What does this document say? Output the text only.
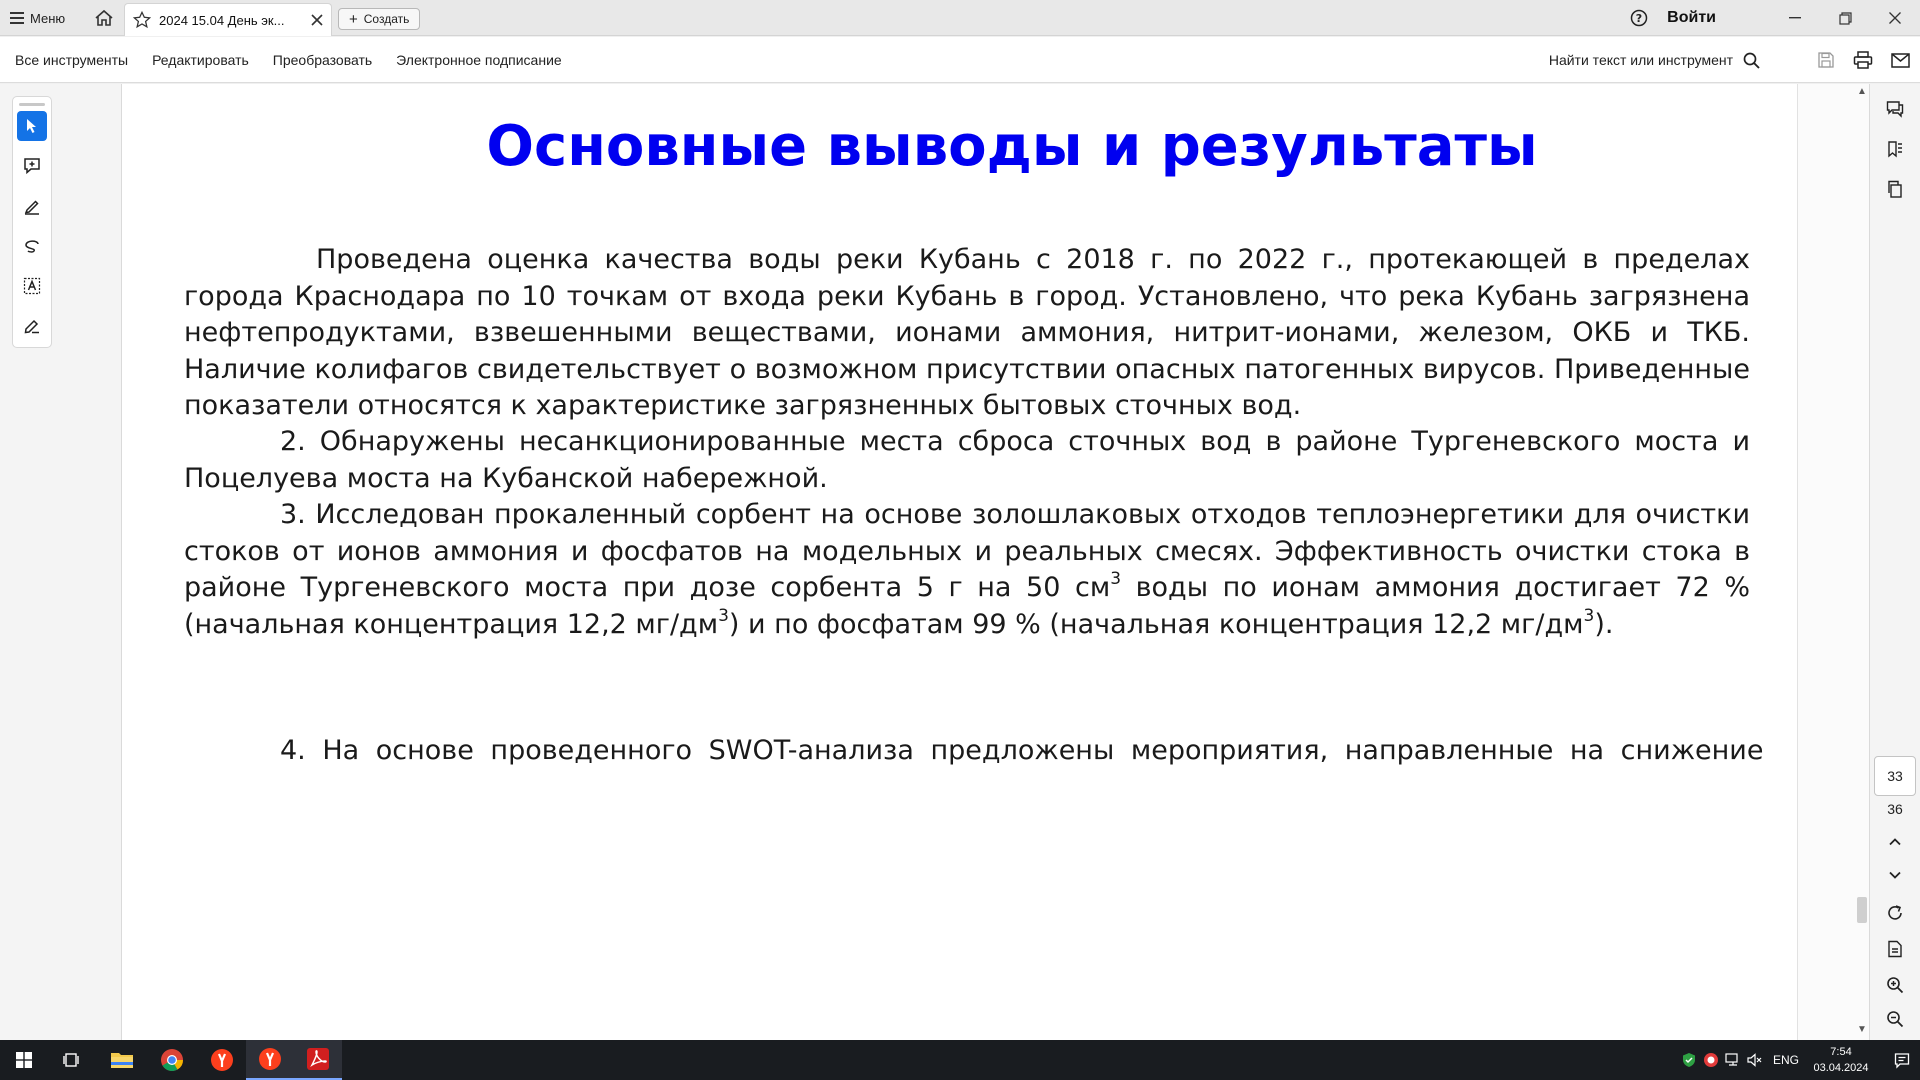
Меню	2024 15.04 День эк...	+ Создать	? Войти
Все инструменты Редактировать Преобразовать Электронное подписание	Найти текст или инструмент
Основные выводы и результаты

Проведена оценка качества воды реки Кубань с 2018 г. по 2022 г., протекающей в пределах города Краснодара по 10 точкам от входа реки Кубань в город. Установлено, что река Кубань загрязнена нефтепродуктами, взвешенными веществами, ионами аммония, нитрит-ионами, железом, ОКБ и ТКБ. Наличие колифагов свидетельствует о возможном присутствии опасных патогенных вирусов. Приведенные показатели относятся к характеристике загрязненных бытовых сточных вод.

2. Обнаружены несанкционированные места сброса сточных вод в районе Тургеневского моста и Поцелуева моста на Кубанской набережной.

3. Исследован прокаленный сорбент на основе золошлаковых отходов теплоэнергетики для очистки стоков от ионов аммония и фосфатов на модельных и реальных смесях. Эффективность очистки стока в районе Тургеневского моста при дозе сорбента 5 г на 50 $см^3$ воды по ионам аммония достигает 72 % (начальная концентрация 12,2 $мг/дм^3$) и по фосфатам 99 % (начальная концентрация 12,2 $мг/дм^3$).

4. На основе проведенного SWOT-анализа предложены мероприятия, направленные на снижение

▲
▼
33
36
ENG
7:54
03.04.2024
